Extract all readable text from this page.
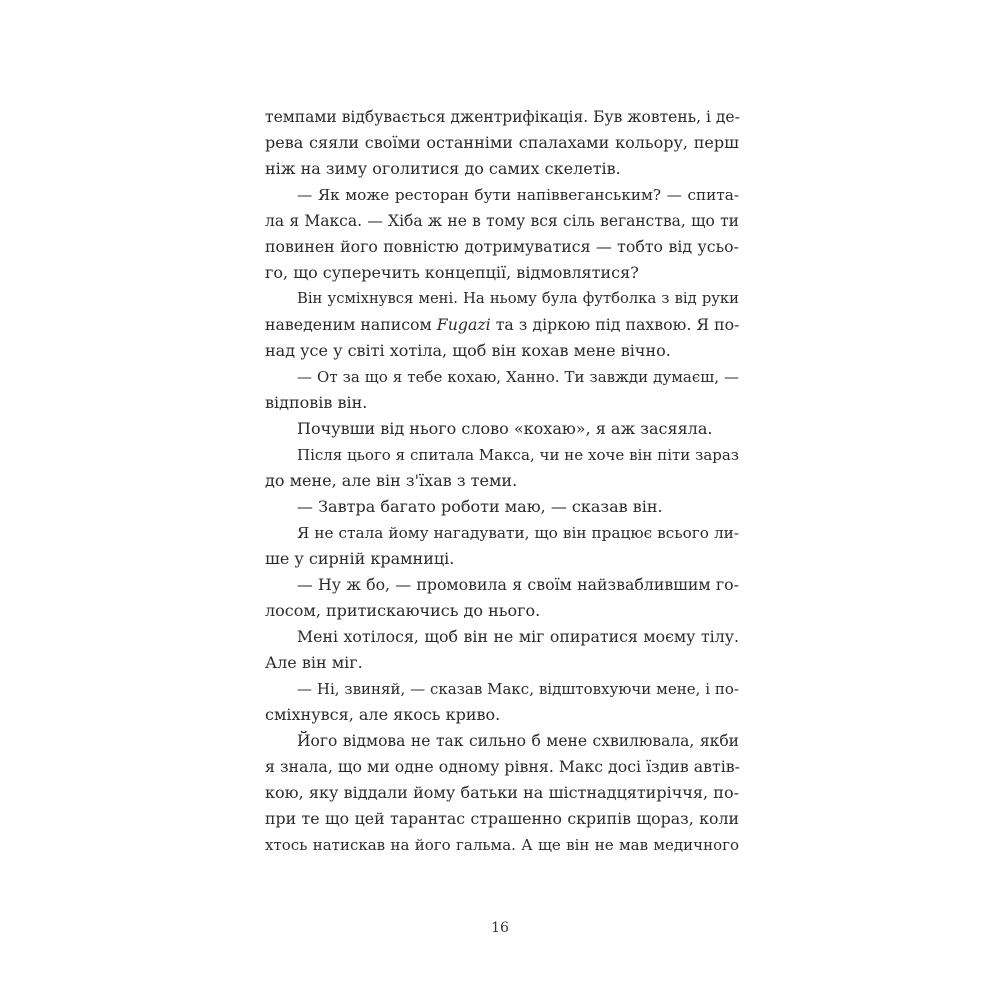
темпами відбувається джентрифікація. Був жовтень, і де-
рева сяяли своїми останніми спалахами кольору, перш
ніж на зиму оголитися до самих скелетів.
— Як може ресторан бути напіввеганським? — спита-
ла я Макса. — Хіба ж не в тому вся сіль веганства, що ти
повинен його повністю дотримуватися — тобто від усьо-
го, що суперечить концепції, відмовлятися?
Він усміхнувся мені. На ньому була футболка з від руки
наведеним написом Fugazi та з діркою під пахвою. Я по-
над усе у світі хотіла, щоб він кохав мене вічно.
— От за що я тебе кохаю, Ханно. Ти завжди думаєш, —
відповів він.
Почувши від нього слово «кохаю», я аж засяяла.
Після цього я спитала Макса, чи не хоче він піти зараз
до мене, але він з'їхав з теми.
— Завтра багато роботи маю, — сказав він.
Я не стала йому нагадувати, що він працює всього ли-
ше у сирній крамниці.
— Ну ж бо, — промовила я своїм найзваблившим го-
лосом, притискаючись до нього.
Мені хотілося, щоб він не міг опиратися моєму тілу.
Але він міг.
— Ні, звиняй, — сказав Макс, відштовхуючи мене, і по-
сміхнувся, але якось криво.
Його відмова не так сильно б мене схвилювала, якби
я знала, що ми одне одному рівня. Макс досі їздив автів-
кою, яку віддали йому батьки на шістнадцятиріччя, по-
при те що цей тарантас страшенно скрипів щораз, коли
хтось натискав на його гальма. А ще він не мав медичного
16
